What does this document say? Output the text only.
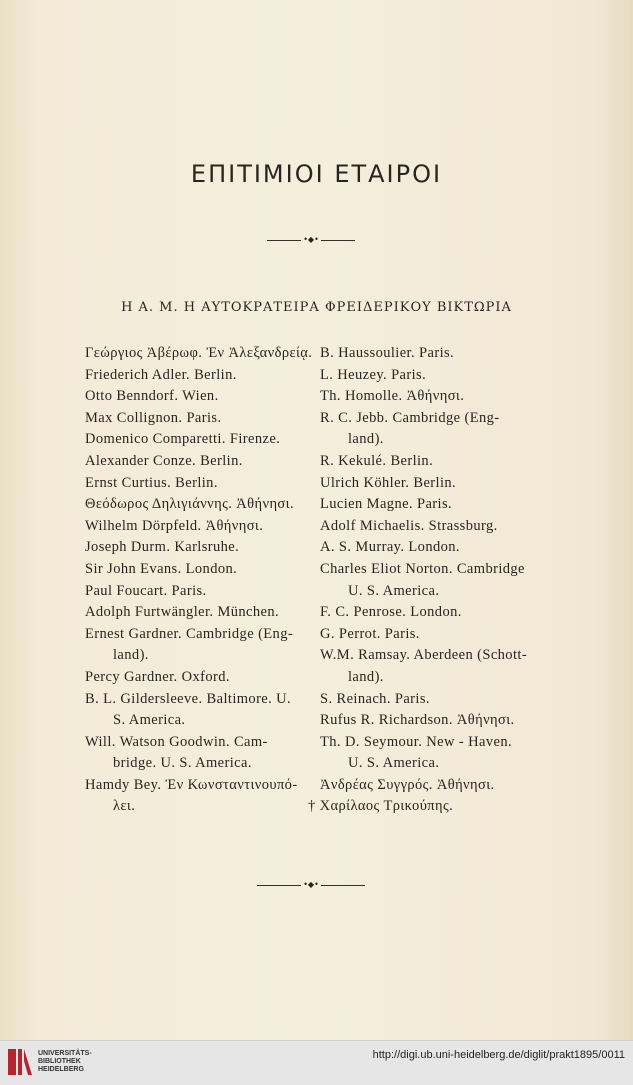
ΕΠΙΤΙΜΙΟΙ ΕΤΑΙΡΟΙ
•◆•
Η Α. Μ. Η ΑΥΤΟΚΡΑΤΕΙΡΑ ΦΡΕΙΔΕΡΙΚΟΥ ΒΙΚΤΩΡΙΑ
Γεώργιος Ἀβέρωφ. Ἐν Ἀλεξανδρείᾳ.
Friederich Adler. Berlin.
Otto Benndorf. Wien.
Max Collignon. Paris.
Domenico Comparetti. Firenze.
Alexander Conze. Berlin.
Ernst Curtius. Berlin.
Θεόδωρος Δηλιγιάννης. Ἀθήνησι.
Wilhelm Dörpfeld. Ἀθήνησι.
Joseph Durm. Karlsruhe.
Sir John Evans. London.
Paul Foucart. Paris.
Adolph Furtwängler. München.
Ernest Gardner. Cambridge (Eng-
land).
Percy Gardner. Oxford.
B. L. Gildersleeve. Baltimore. U.
S. America.
Will. Watson Goodwin. Cam-
bridge. U. S. America.
Hamdy Bey. Ἐν Κωνσταντινουπό-
λει.
B. Haussoulier. Paris.
L. Heuzey. Paris.
Th. Homolle. Ἀθήνησι.
R. C. Jebb. Cambridge (Eng-
land).
R. Kekulé. Berlin.
Ulrich Köhler. Berlin.
Lucien Magne. Paris.
Adolf Michaelis. Strassburg.
A. S. Murray. London.
Charles Eliot Norton. Cambridge
U. S. America.
F. C. Penrose. London.
G. Perrot. Paris.
W.M. Ramsay. Aberdeen (Schott-
land).
S. Reinach. Paris.
Rufus R. Richardson. Ἀθήνησι.
Th. D. Seymour. New - Haven.
U. S. America.
Ἀνδρέας Συγγρός. Ἀθήνησι.
† Χαρίλαος Τρικούπης.
•◆•
UNIVERSITÄTS-
BIBLIOTHEK
HEIDELBERG
http://digi.ub.uni-heidelberg.de/diglit/prakt1895/0011
